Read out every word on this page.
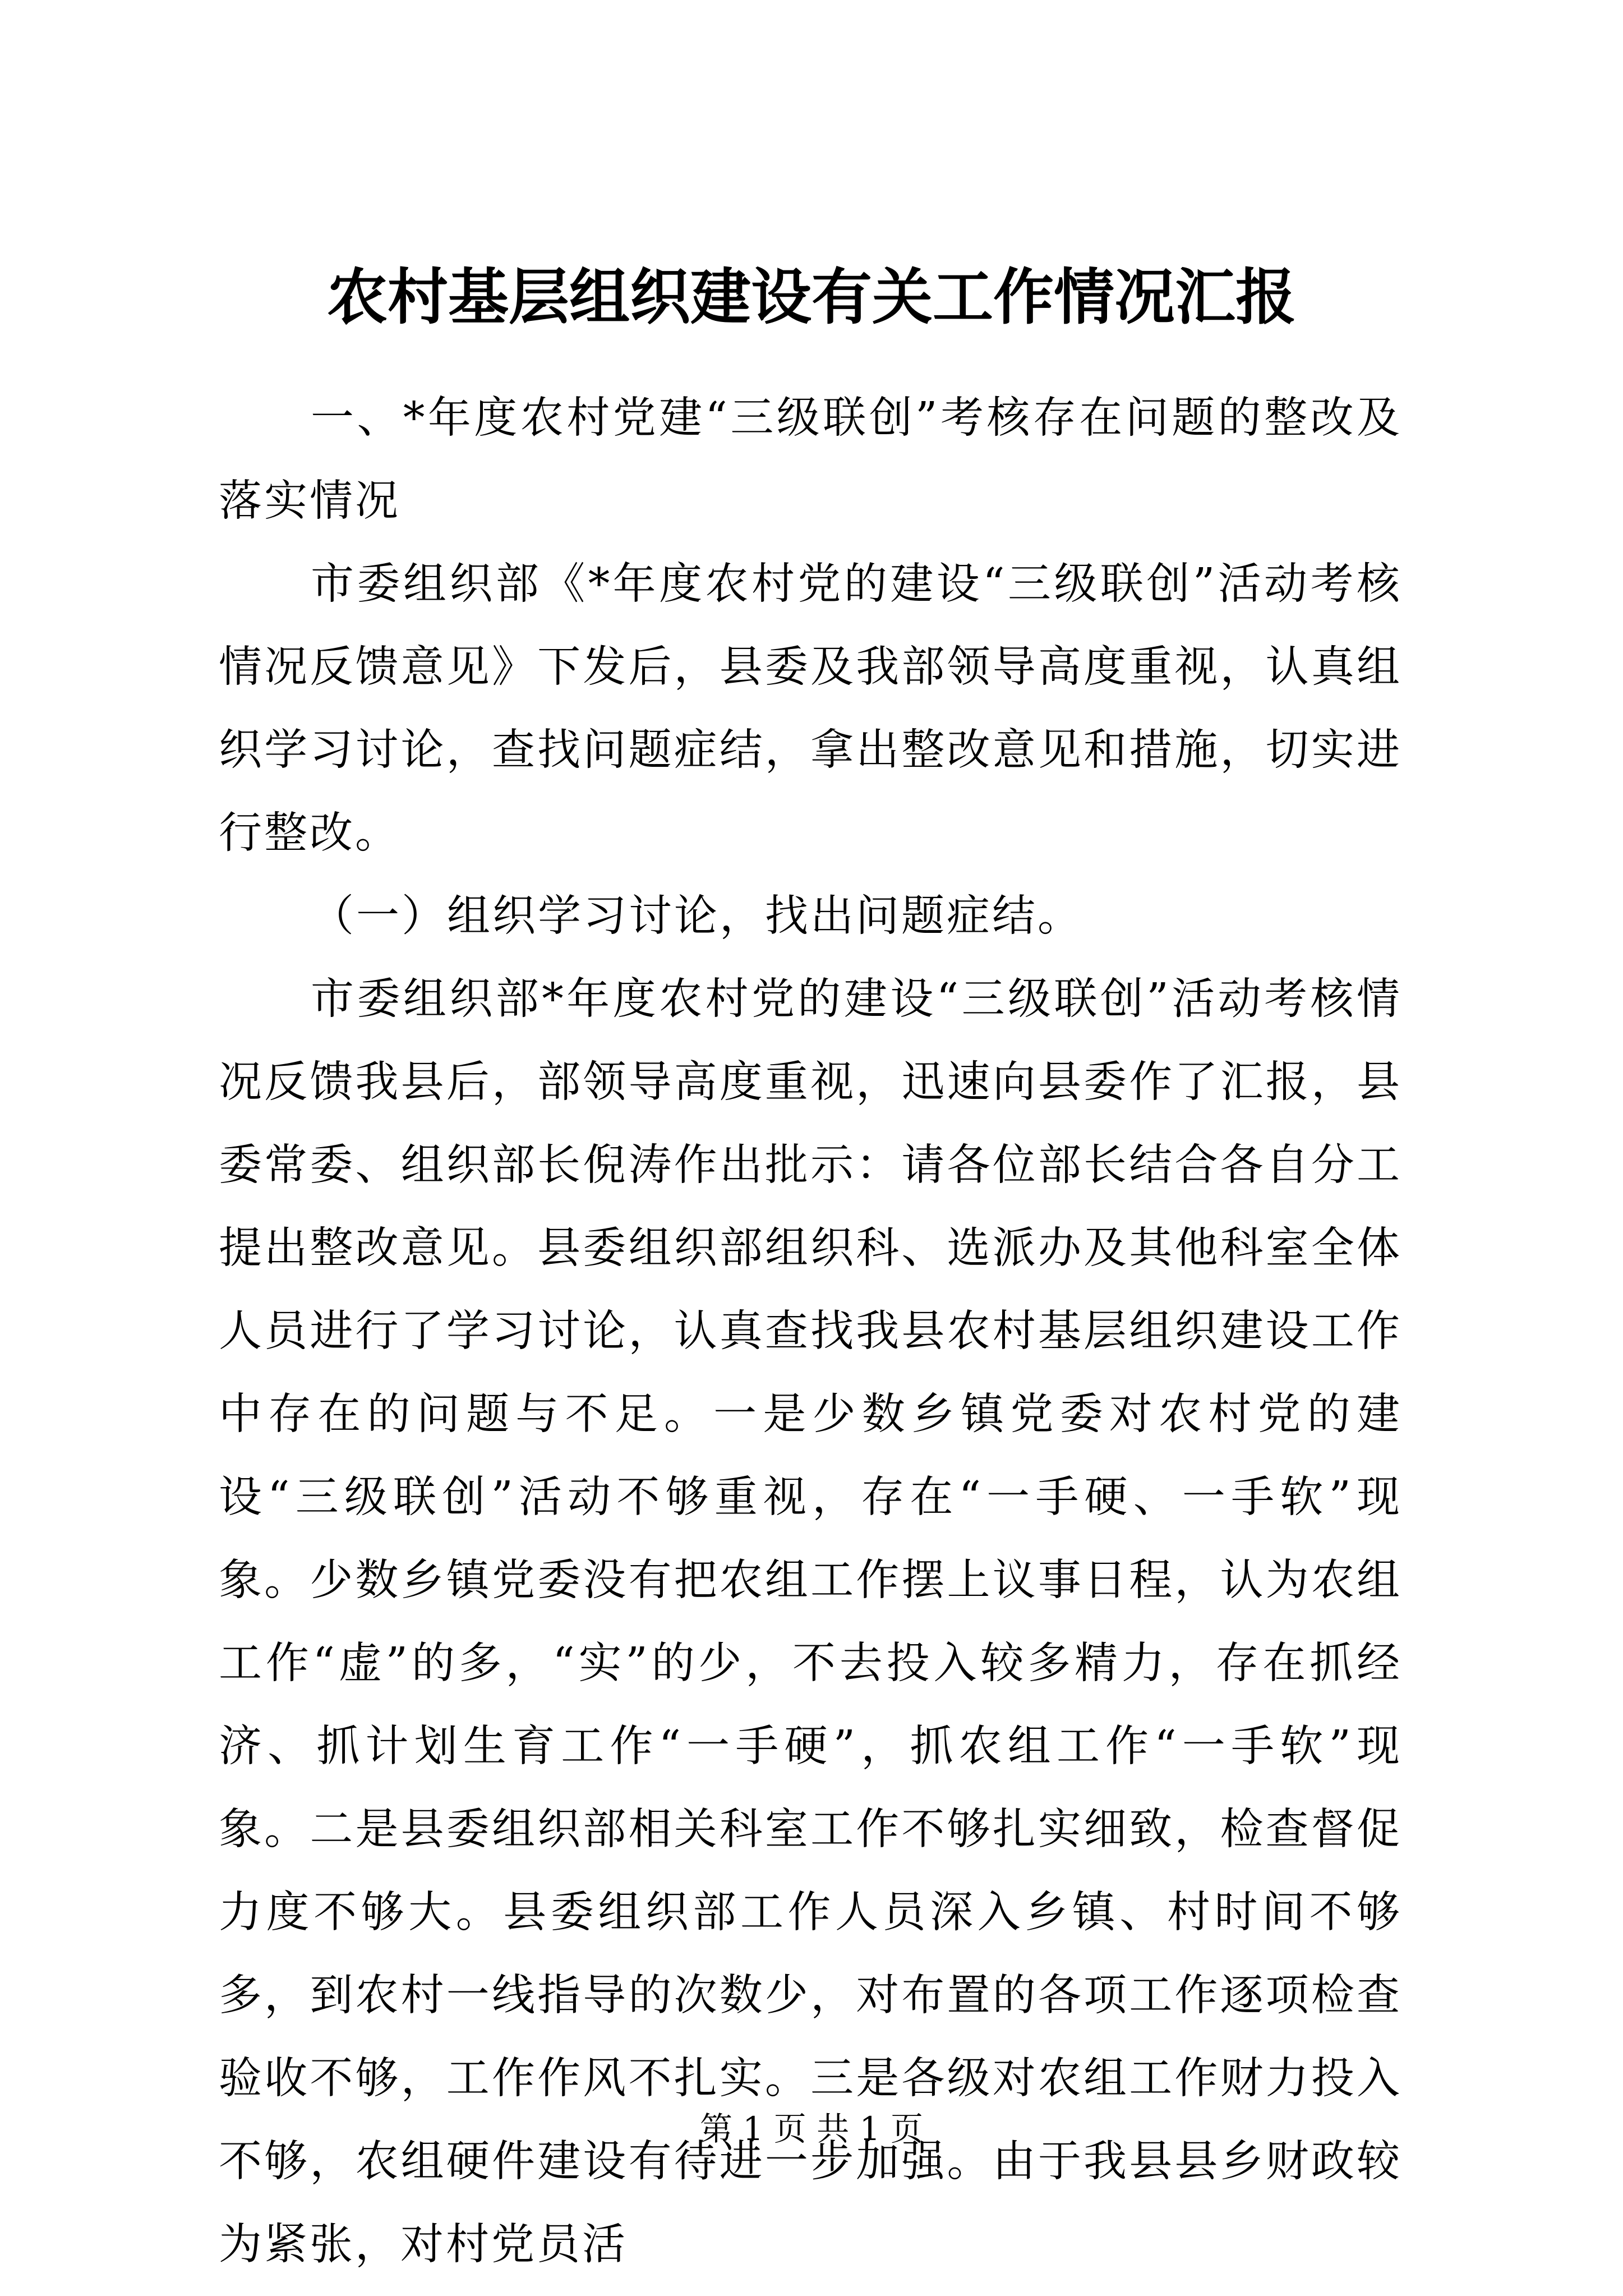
农村基层组织建设有关工作情况汇报

一、*年度农村党建“三级联创”考核存在问题的整改及落实情况

市委组织部《*年度农村党的建设“三级联创”活动考核情况反馈意见》下发后，县委及我部领导高度重视，认真组织学习讨论，查找问题症结，拿出整改意见和措施，切实进行整改。

（一）组织学习讨论，找出问题症结。

市委组织部*年度农村党的建设“三级联创”活动考核情况反馈我县后，部领导高度重视，迅速向县委作了汇报，县委常委、组织部长倪涛作出批示：请各位部长结合各自分工提出整改意见。县委组织部组织科、选派办及其他科室全体人员进行了学习讨论，认真查找我县农村基层组织建设工作中存在的问题与不足。一是少数乡镇党委对农村党的建设“三级联创”活动不够重视，存在“一手硬、一手软”现象。少数乡镇党委没有把农组工作摆上议事日程，认为农组工作“虚”的多，“实”的少，不去投入较多精力，存在抓经济、抓计划生育工作“一手硬”，抓农组工作“一手软”现象。二是县委组织部相关科室工作不够扎实细致，检查督促力度不够大。县委组织部工作人员深入乡镇、村时间不够多，到农村一线指导的次数少，对布置的各项工作逐项检查验收不够，工作作风不扎实。三是各级对农组工作财力投入不够，农组硬件建设有待进一步加强。由于我县县乡财政较为紧张，对村党员活

第 1 页 共 1 页
